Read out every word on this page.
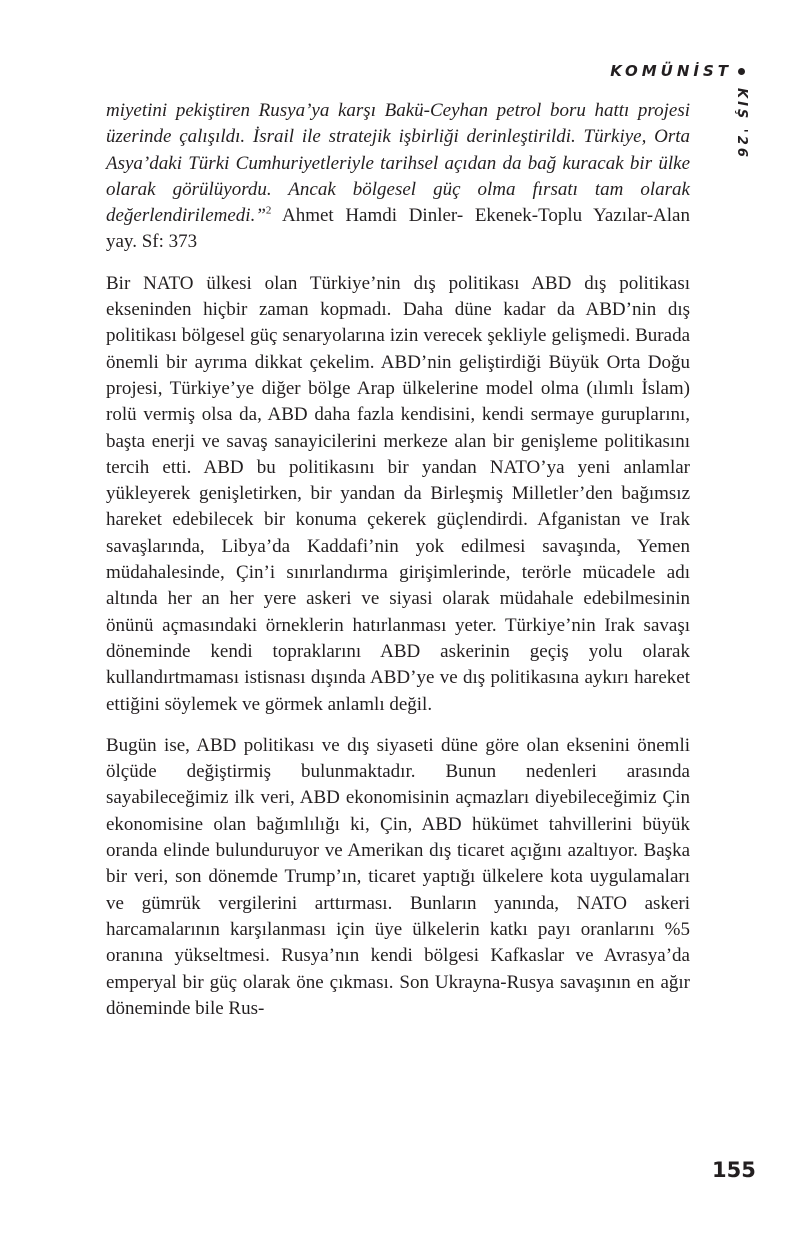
KOMÜNİST
KIŞ '26

miyetini pekiştiren Rusya’ya karşı Bakü-Ceyhan petrol boru hattı projesi üzerinde çalışıldı. İsrail ile stratejik işbirliği derinleştirildi. Türkiye, Orta Asya’daki Türki Cumhuriyetleriyle tarihsel açıdan da bağ kuracak bir ülke olarak görülüyordu. Ancak bölgesel güç olma fırsatı tam olarak değerlendirilemedi.”$^2$ Ahmet Hamdi Dinler- Ekenek-Toplu Yazılar-Alan yay. Sf: 373

Bir NATO ülkesi olan Türkiye’nin dış politikası ABD dış politikası ekseninden hiçbir zaman kopmadı. Daha düne kadar da ABD’nin dış politikası bölgesel güç senaryolarına izin verecek şekliyle gelişmedi. Burada önemli bir ayrıma dikkat çekelim. ABD’nin geliştirdiği Büyük Orta Doğu projesi, Türkiye’ye diğer bölge Arap ülkelerine model olma (ılımlı İslam) rolü vermiş olsa da, ABD daha fazla kendisini, kendi sermaye guruplarını, başta enerji ve savaş sanayicilerini merkeze alan bir genişleme politikasını tercih etti. ABD bu politikasını bir yandan NATO’ya yeni anlamlar yükleyerek genişletirken, bir yandan da Birleşmiş Milletler’den bağımsız hareket edebilecek bir konuma çekerek güçlendirdi. Afganistan ve Irak savaşlarında, Libya’da Kaddafi’nin yok edilmesi savaşında, Yemen müdahalesinde, Çin’i sınırlandırma girişimlerinde, terörle mücadele adı altında her an her yere askeri ve siyasi olarak müdahale edebilmesinin önünü açmasındaki örneklerin hatırlanması yeter. Türkiye’nin Irak savaşı döneminde kendi topraklarını ABD askerinin geçiş yolu olarak kullandırtmaması istisnası dışında ABD’ye ve dış politikasına aykırı hareket ettiğini söylemek ve görmek anlamlı değil.

Bugün ise, ABD politikası ve dış siyaseti düne göre olan eksenini önemli ölçüde değiştirmiş bulunmaktadır. Bunun nedenleri arasında sayabileceğimiz ilk veri, ABD ekonomisinin açmazları diyebileceğimiz Çin ekonomisine olan bağımlılığı ki, Çin, ABD hükümet tahvillerini büyük oranda elinde bulunduruyor ve Amerikan dış ticaret açığını azaltıyor. Başka bir veri, son dönemde Trump’ın, ticaret yaptığı ülkelere kota uygulamaları ve gümrük vergilerini arttırması. Bunların yanında, NATO askeri harcamalarının karşılanması için üye ülkelerin katkı payı oranlarını %5 oranına yükseltmesi. Rusya’nın kendi bölgesi Kafkaslar ve Avrasya’da emperyal bir güç olarak öne çıkması. Son Ukrayna-Rusya savaşının en ağır döneminde bile Rus-

155
